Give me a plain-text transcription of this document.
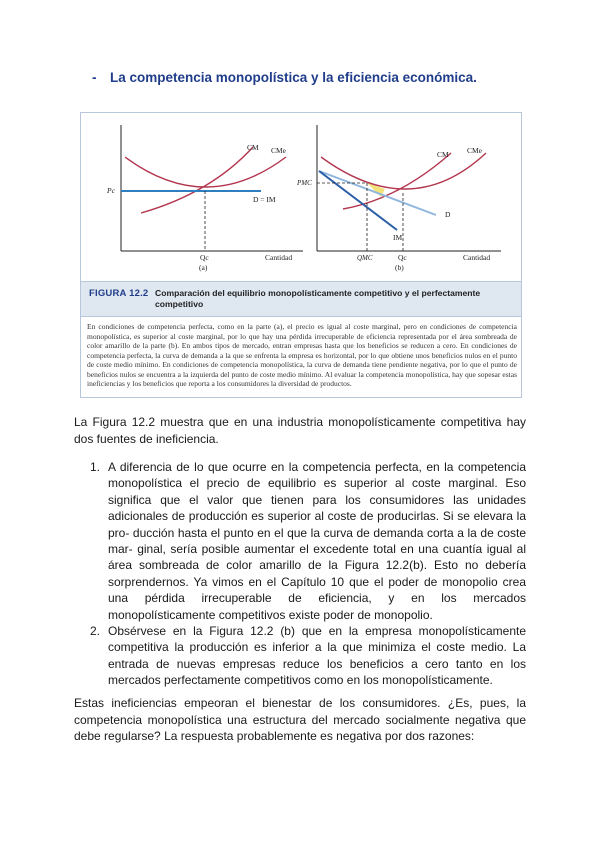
- La competencia monopolística y la eficiencia económica.
CM CMe
Pc
D = IM
Qc	Cantidad
(a)
CM CMe
PMC
D
IM
QMC	Qc	Cantidad
(b)
FIGURA 12.2 Comparación del equilibrio monopolísticamente competitivo y el perfectamente competitivo
En condiciones de competencia perfecta, como en la parte (a), el precio es igual al coste marginal, pero en condiciones de competencia monopolística, es superior al coste marginal, por lo que hay una pérdida irrecuperable de eficiencia representada por el área sombreada de color amarillo de la parte (b). En ambos tipos de mercado, entran empresas hasta que los beneficios se reducen a cero. En condiciones de competencia perfecta, la curva de demanda a la que se enfrenta la empresa es horizontal, por lo que obtiene unos beneficios nulos en el punto de coste medio mínimo. En condiciones de competencia monopolística, la curva de demanda tiene pendiente negativa, por lo que el punto de beneficios nulos se encuentra a la izquierda del punto de coste medio mínimo. Al evaluar la competencia monopolística, hay que sopesar estas ineficiencias y los beneficios que reporta a los consumidores la diversidad de productos.

La Figura 12.2 muestra que en una industria monopolísticamente competitiva hay dos fuentes de ineficiencia.

1. A diferencia de lo que ocurre en la competencia perfecta, en la competencia monopolística el precio de equilibrio es superior al coste marginal. Eso significa que el valor que tienen para los consumidores las unidades adicionales de producción es superior al coste de producirlas. Si se elevara la pro- ducción hasta el punto en el que la curva de demanda corta a la de coste mar- ginal, sería posible aumentar el excedente total en una cuantía igual al área sombreada de color amarillo de la Figura 12.2(b). Esto no debería sorprendernos. Ya vimos en el Capítulo 10 que el poder de monopolio crea una pérdida irrecuperable de eficiencia, y en los mercados monopolísticamente competitivos existe poder de monopolio.
2. Obsérvese en la Figura 12.2 (b) que en la empresa monopolísticamente competitiva la producción es inferior a la que minimiza el coste medio. La entrada de nuevas empresas reduce los beneficios a cero tanto en los mercados perfectamente competitivos como en los monopolísticamente.

Estas ineficiencias empeoran el bienestar de los consumidores. ¿Es, pues, la competencia monopolística una estructura del mercado socialmente negativa que debe regularse? La respuesta probablemente es negativa por dos razones:
